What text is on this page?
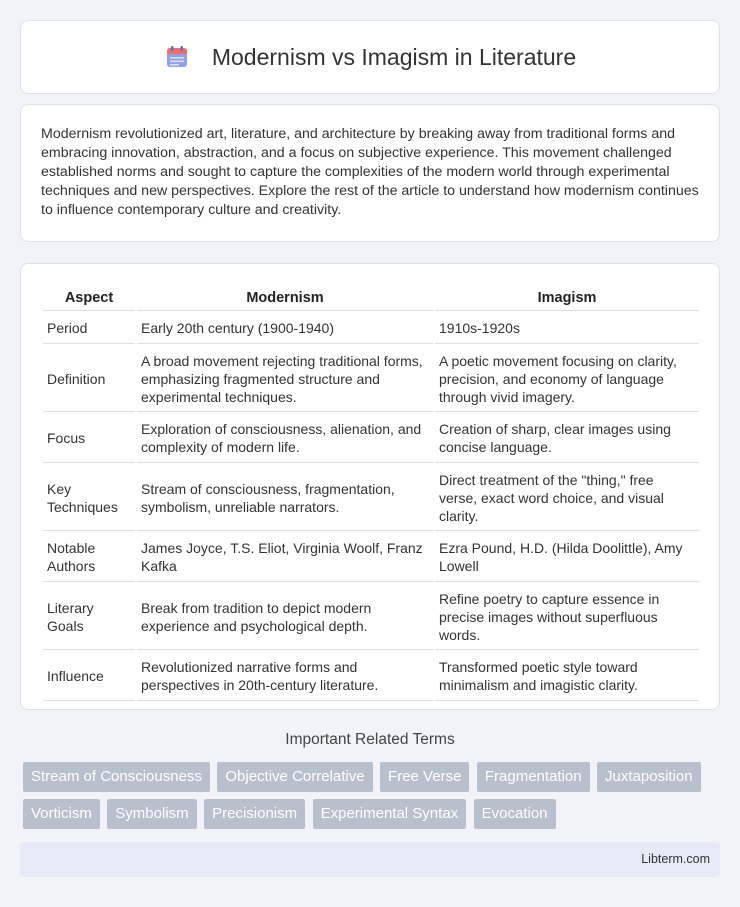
Modernism vs Imagism in Literature

Modernism revolutionized art, literature, and architecture by breaking away from traditional forms and embracing innovation, abstraction, and a focus on subjective experience. This movement challenged established norms and sought to capture the complexities of the modern world through experimental techniques and new perspectives. Explore the rest of the article to understand how modernism continues to influence contemporary culture and creativity.

Aspect	Modernism	Imagism
Period	Early 20th century (1900-1940)	1910s-1920s
Definition	A broad movement rejecting traditional forms, emphasizing fragmented structure and experimental techniques.	A poetic movement focusing on clarity, precision, and economy of language through vivid imagery.
Focus	Exploration of consciousness, alienation, and complexity of modern life.	Creation of sharp, clear images using concise language.
Key Techniques	Stream of consciousness, fragmentation, symbolism, unreliable narrators.	Direct treatment of the "thing," free verse, exact word choice, and visual clarity.
Notable Authors	James Joyce, T.S. Eliot, Virginia Woolf, Franz Kafka	Ezra Pound, H.D. (Hilda Doolittle), Amy Lowell
Literary Goals	Break from tradition to depict modern experience and psychological depth.	Refine poetry to capture essence in precise images without superfluous words.
Influence	Revolutionized narrative forms and perspectives in 20th-century literature.	Transformed poetic style toward minimalism and imagistic clarity.
Important Related Terms
Stream of Consciousness Objective Correlative Free Verse Fragmentation Juxtaposition Vorticism Symbolism Precisionism Experimental Syntax Evocation
Libterm.com
